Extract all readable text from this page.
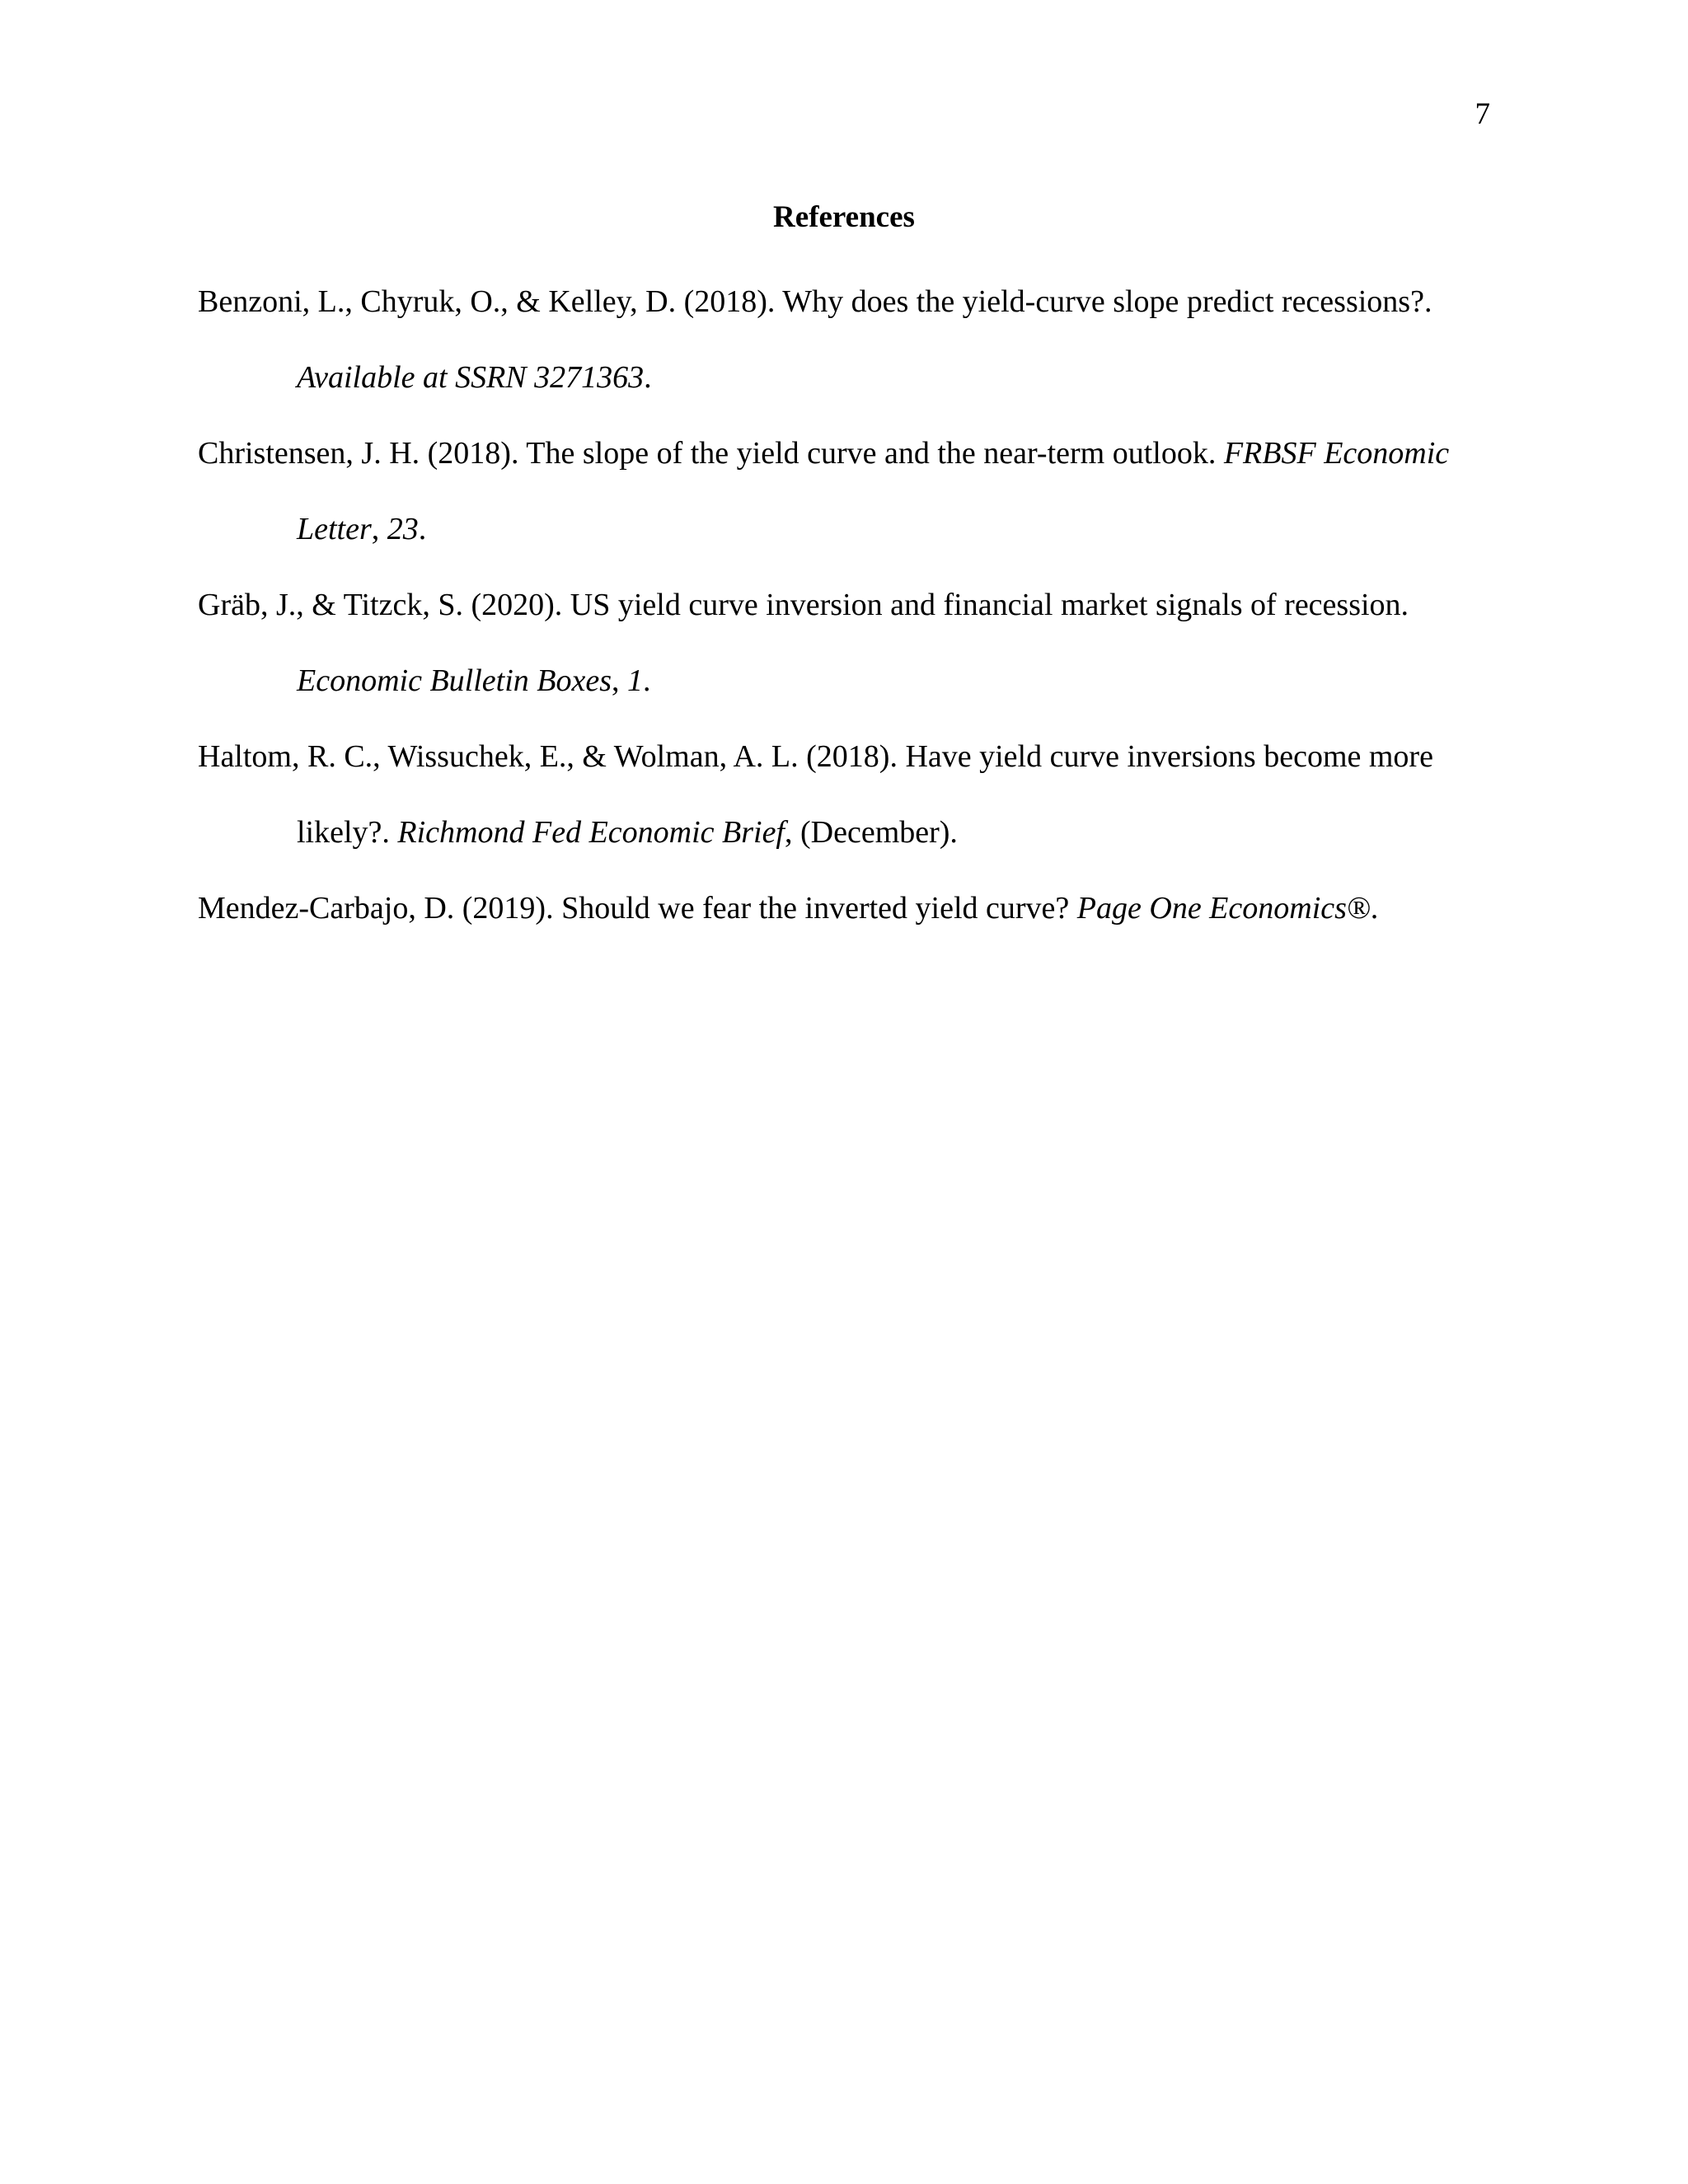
7
References
Benzoni, L., Chyruk, O., & Kelley, D. (2018). Why does the yield-curve slope predict recessions?. Available at SSRN 3271363.
Christensen, J. H. (2018). The slope of the yield curve and the near-term outlook. FRBSF Economic Letter, 23.
Gräb, J., & Titzck, S. (2020). US yield curve inversion and financial market signals of recession. Economic Bulletin Boxes, 1.
Haltom, R. C., Wissuchek, E., & Wolman, A. L. (2018). Have yield curve inversions become more likely?. Richmond Fed Economic Brief, (December).
Mendez-Carbajo, D. (2019). Should we fear the inverted yield curve? Page One Economics®.
